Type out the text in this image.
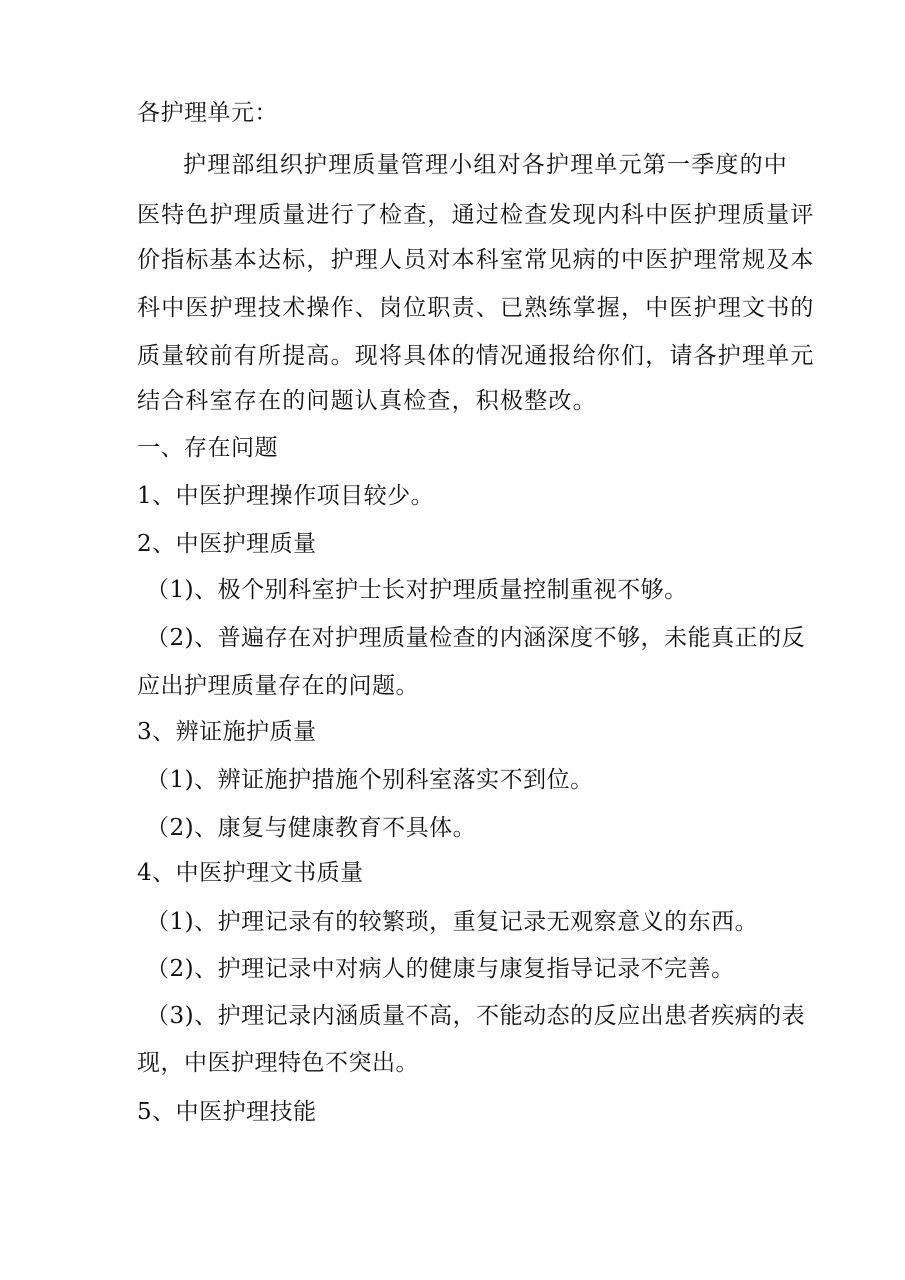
各护理单元：
护理部组织护理质量管理小组对各护理单元第一季度的中
医特色护理质量进行了检查，通过检查发现内科中医护理质量评
价指标基本达标，护理人员对本科室常见病的中医护理常规及本
科中医护理技术操作、岗位职责、已熟练掌握，中医护理文书的
质量较前有所提高。现将具体的情况通报给你们，请各护理单元
结合科室存在的问题认真检查，积极整改。
一、存在问题
1、中医护理操作项目较少。
2、中医护理质量
（1)、极个别科室护士长对护理质量控制重视不够。
（2)、普遍存在对护理质量检查的内涵深度不够，未能真正的反
应出护理质量存在的问题。
3、辨证施护质量
（1)、辨证施护措施个别科室落实不到位。
（2)、康复与健康教育不具体。
4、中医护理文书质量
（1)、护理记录有的较繁琐，重复记录无观察意义的东西。
（2)、护理记录中对病人的健康与康复指导记录不完善。
（3)、护理记录内涵质量不高，不能动态的反应出患者疾病的表
现，中医护理特色不突出。
5、中医护理技能
